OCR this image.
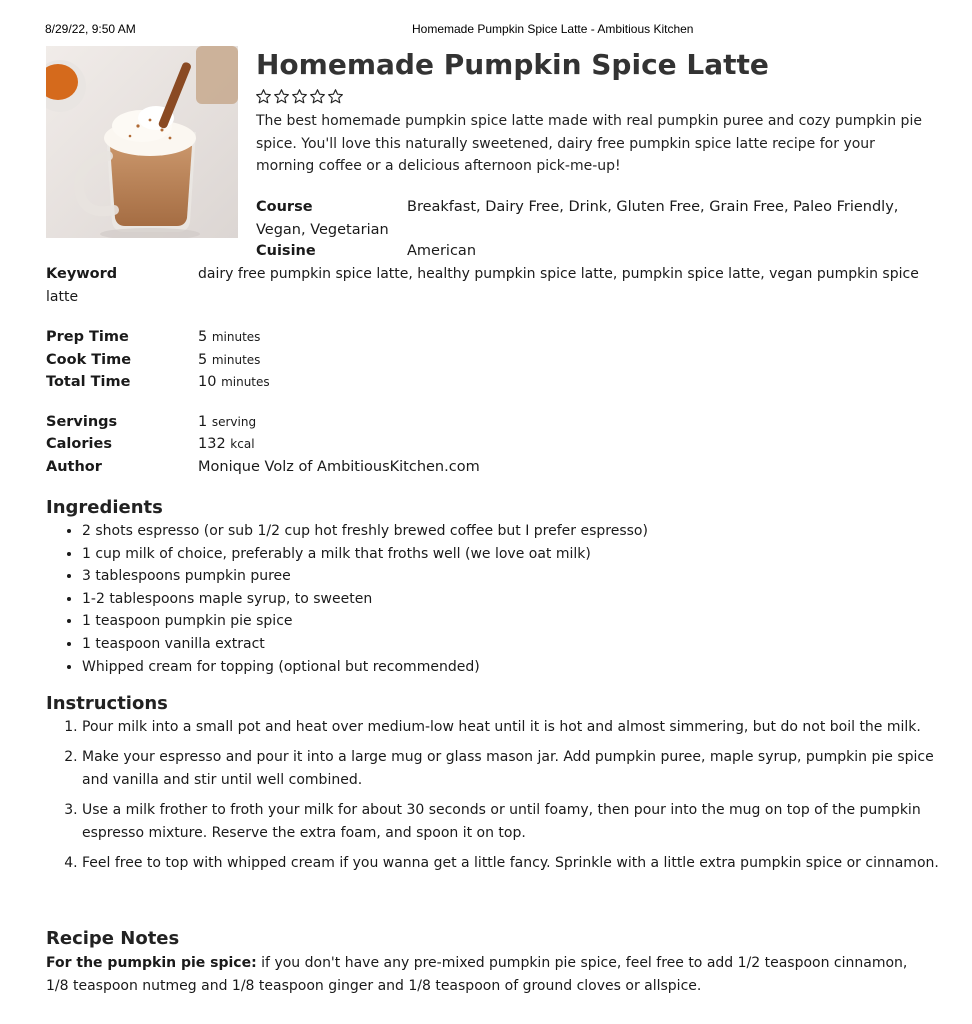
8/29/22, 9:50 AM	Homemade Pumpkin Spice Latte - Ambitious Kitchen
Homemade Pumpkin Spice Latte

The best homemade pumpkin spice latte made with real pumpkin puree and cozy pumpkin pie spice. You'll love this naturally sweetened, dairy free pumpkin spice latte recipe for your morning coffee or a delicious afternoon pick-me-up!

Course	Breakfast, Dairy Free, Drink, Gluten Free, Grain Free, Paleo Friendly, Vegan, Vegetarian
Cuisine	American
Keyword	dairy free pumpkin spice latte, healthy pumpkin spice latte, pumpkin spice latte, vegan pumpkin spice latte
Prep Time	5 minutes
Cook Time	5 minutes
Total Time	10 minutes
Servings	1 serving
Calories	132 kcal
Author	Monique Volz of AmbitiousKitchen.com
Ingredients
• 2 shots espresso (or sub 1/2 cup hot freshly brewed coffee but I prefer espresso)
• 1 cup milk of choice, preferably a milk that froths well (we love oat milk)
• 3 tablespoons pumpkin puree
• 1-2 tablespoons maple syrup, to sweeten
• 1 teaspoon pumpkin pie spice
• 1 teaspoon vanilla extract
• Whipped cream for topping (optional but recommended)
Instructions
1. Pour milk into a small pot and heat over medium-low heat until it is hot and almost simmering, but do not boil the milk.
2. Make your espresso and pour it into a large mug or glass mason jar. Add pumpkin puree, maple syrup, pumpkin pie spice and vanilla and stir until well combined.
3. Use a milk frother to froth your milk for about 30 seconds or until foamy, then pour into the mug on top of the pumpkin espresso mixture. Reserve the extra foam, and spoon it on top.
4. Feel free to top with whipped cream if you wanna get a little fancy. Sprinkle with a little extra pumpkin spice or cinnamon.
Recipe Notes

For the pumpkin pie spice: if you don't have any pre-mixed pumpkin pie spice, feel free to add 1/2 teaspoon cinnamon, 1/8 teaspoon nutmeg and 1/8 teaspoon ginger and 1/8 teaspoon of ground cloves or allspice.
